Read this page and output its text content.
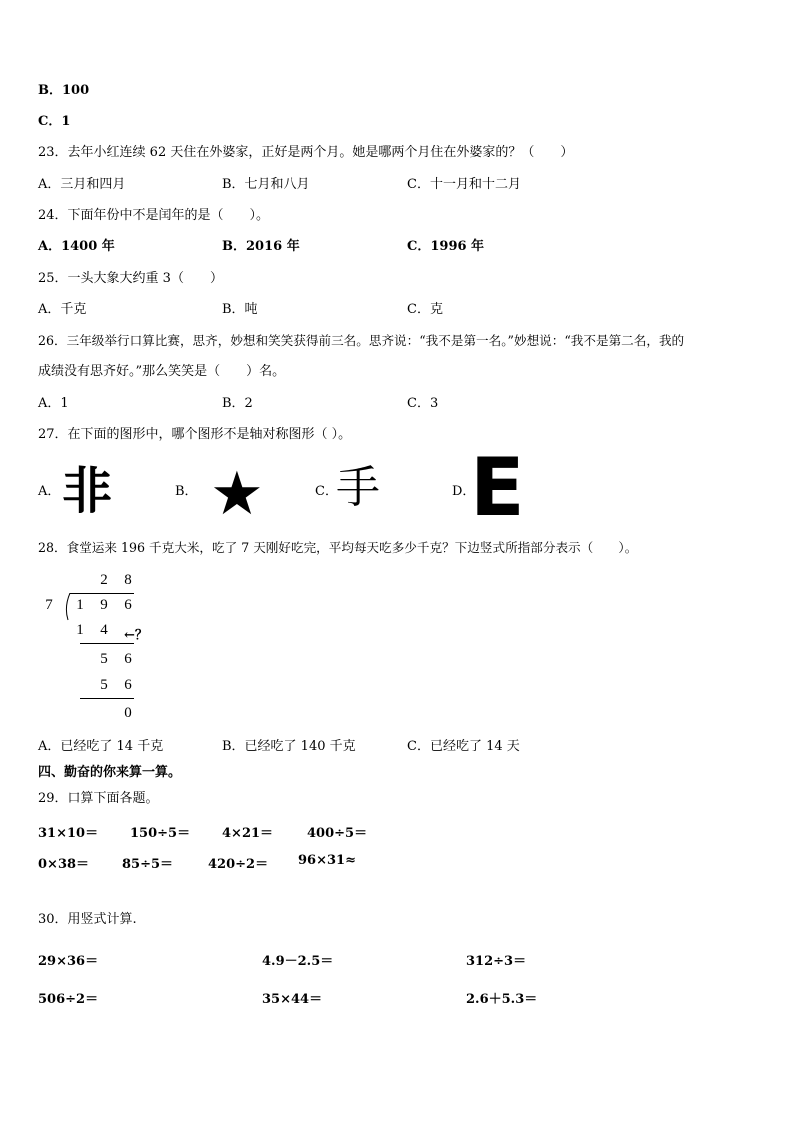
B．100
C．1
23．去年小红连续 62 天住在外婆家，正好是两个月。她是哪两个月住在外婆家的？（　　）
A．三月和四月	B．七月和八月	C．十一月和十二月
24．下面年份中不是闰年的是（　　）。
A．1400 年	B．2016 年	C．1996 年
25．一头大象大约重 3（　　）
A．千克	B．吨	C．克
26．三年级举行口算比赛，思齐，妙想和笑笑获得前三名。思齐说：“我不是第一名。”妙想说：“我不是第二名，我的
成绩没有思齐好。”那么笑笑是（　　）名。
A．1	B．2	C．3
27．在下面的图形中，哪个图形不是轴对称图形（ ）。
A． 非	B． ★	C．
手	D．
E
28．食堂运来 196 千克大米，吃了 7 天刚好吃完，平均每天吃多少千克？下边竖式所指部分表示（　　）。
2	8
7	1	9	6
1	4	←？
5	6
5	6
0
A．已经吃了 14 千克	B．已经吃了 140 千克	C．已经吃了 14 天
四、勤奋的你来算一算。
29．口算下面各题。
31×10＝ 150÷5＝ 4×21＝	400÷5＝
0×38＝	85÷5＝	420÷2＝ 96×31≈
30．用竖式计算.
29×36＝	4.9－2.5＝	312÷3＝
506÷2＝	35×44＝	2.6＋5.3＝
